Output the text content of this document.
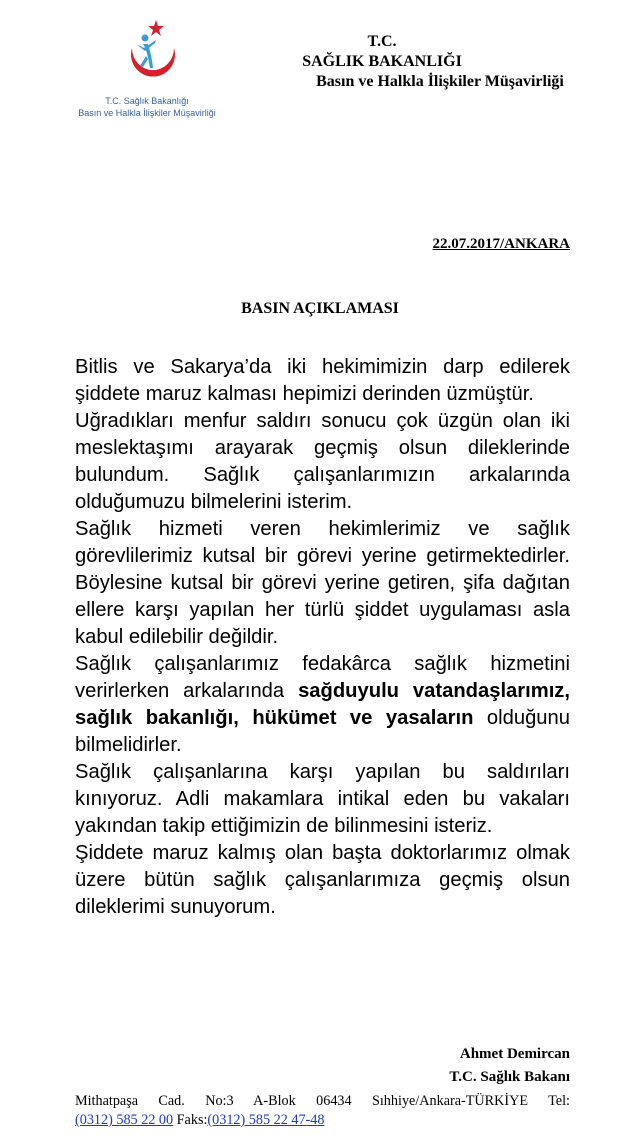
T.C. Sağlık Bakanlığı
Basın ve Halkla İlişkiler Müşavirliği
T.C.
SAĞLIK BAKANLIĞI
Basın ve Halkla İlişkiler Müşavirliği
22.07.2017/ANKARA
BASIN AÇIKLAMASI

Bitlis ve Sakarya’da iki hekimimizin darp edilerek şiddete maruz kalması hepimizi derinden üzmüştür.

Uğradıkları menfur saldırı sonucu çok üzgün olan iki meslektaşımı arayarak geçmiş olsun dileklerinde bulundum. Sağlık çalışanlarımızın arkalarında olduğumuzu bilmelerini isterim.

Sağlık hizmeti veren hekimlerimiz ve sağlık görevlilerimiz kutsal bir görevi yerine getirmektedirler. Böylesine kutsal bir görevi yerine getiren, şifa dağıtan ellere karşı yapılan her türlü şiddet uygulaması asla kabul edilebilir değildir.

Sağlık çalışanlarımız fedakârca sağlık hizmetini verirlerken arkalarında sağduyulu vatandaşlarımız, sağlık bakanlığı, hükümet ve yasaların olduğunu bilmelidirler.

Sağlık çalışanlarına karşı yapılan bu saldırıları kınıyoruz. Adli makamlara intikal eden bu vakaları yakından takip ettiğimizin de bilinmesini isteriz.

Şiddete maruz kalmış olan başta doktorlarımız olmak üzere bütün sağlık çalışanlarımıza geçmiş olsun dileklerimi sunuyorum.

Ahmet Demircan
T.C. Sağlık Bakanı
Mithatpaşa Cad. No:3 A-Blok 06434 Sıhhiye/Ankara-TÜRKİYE Tel:
(0312) 585 22 00 Faks:(0312) 585 22 47-48
